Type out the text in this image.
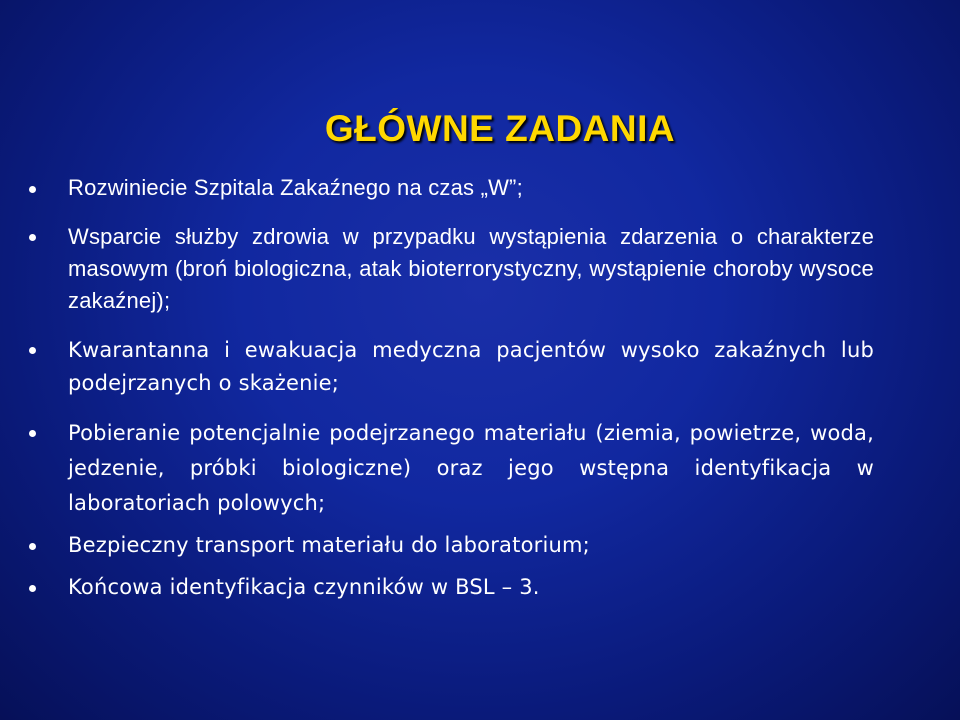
GŁÓWNE ZADANIA
Rozwiniecie Szpitala Zakaźnego na czas „W”;
Wsparcie służby zdrowia w przypadku wystąpienia zdarzenia o charakterze masowym (broń biologiczna, atak bioterrorystyczny, wystąpienie choroby wysoce zakaźnej);
Kwarantanna i ewakuacja medyczna pacjentów wysoko zakaźnych lub podejrzanych o skażenie;
Pobieranie potencjalnie podejrzanego materiału (ziemia, powietrze, woda, jedzenie, próbki biologiczne) oraz jego wstępna identyfikacja w laboratoriach polowych;
Bezpieczny transport materiału do laboratorium;
Końcowa identyfikacja czynników w BSL – 3.
